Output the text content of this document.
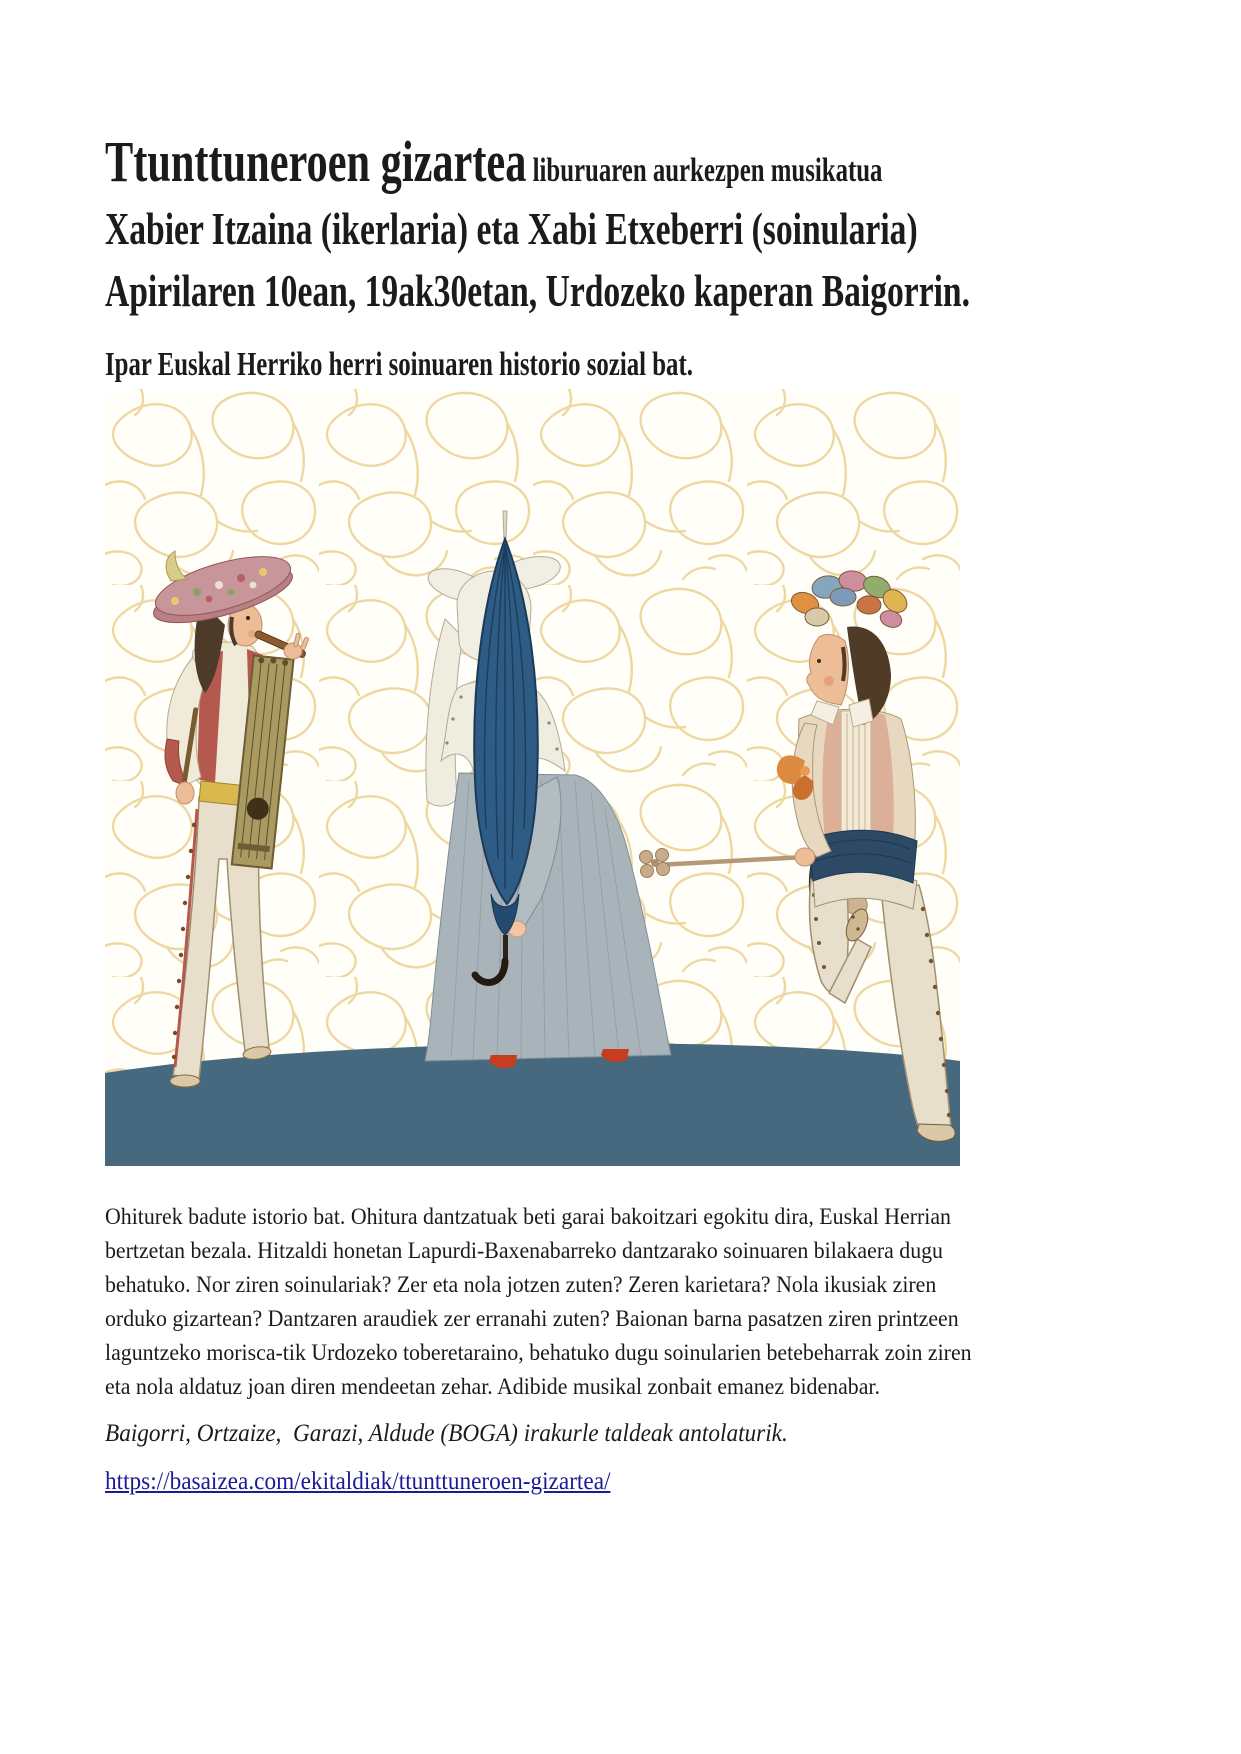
Ttunttuneroen gizartea liburuaren aurkezpen musikatua
Xabier Itzaina (ikerlaria) eta Xabi Etxeberri (soinularia)
Apirilaren 10ean, 19ak30etan, Urdozeko kaperan Baigorrin.
Ipar Euskal Herriko herri soinuaren historio sozial bat.

Ohiturek badute istorio bat. Ohitura dantzatuak beti garai bakoitzari egokitu dira, Euskal Herrian

bertzetan bezala. Hitzaldi honetan Lapurdi-Baxenabarreko dantzarako soinuaren bilakaera dugu

behatuko. Nor ziren soinulariak? Zer eta nola jotzen zuten? Zeren karietara? Nola ikusiak ziren

orduko gizartean? Dantzaren araudiek zer erranahi zuten? Baionan barna pasatzen ziren printzeen

laguntzeko morisca-tik Urdozeko toberetaraino, behatuko dugu soinularien betebeharrak zoin ziren

eta nola aldatuz joan diren mendeetan zehar. Adibide musikal zonbait emanez bidenabar.

Baigorri, Ortzaize,  Garazi, Aldude (BOGA) irakurle taldeak antolaturik.
https://basaizea.com/ekitaldiak/ttunttuneroen-gizartea/
